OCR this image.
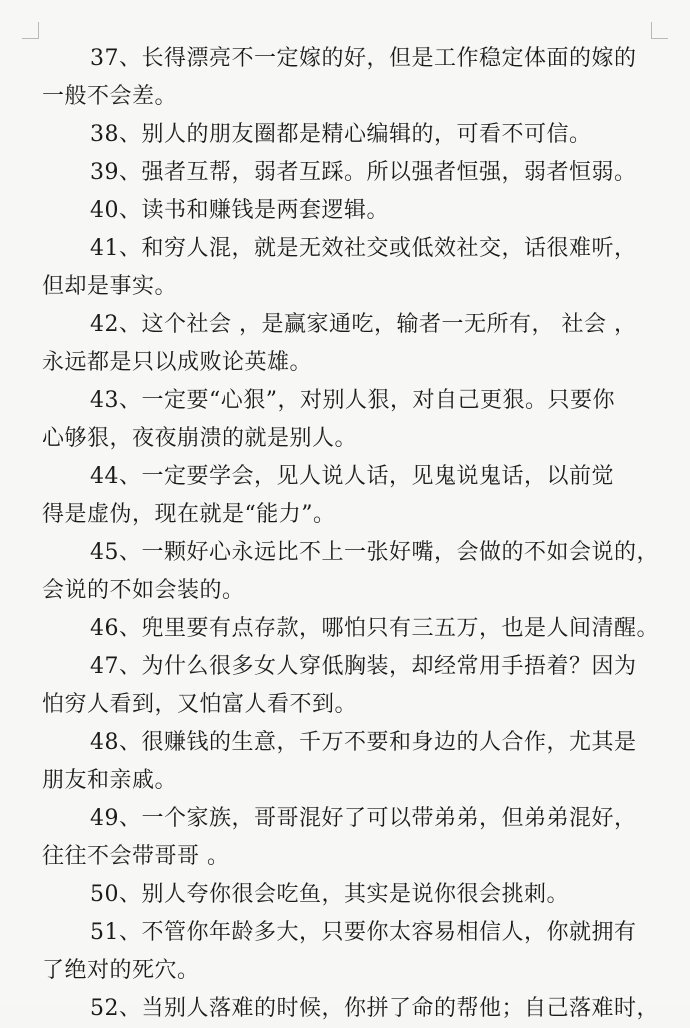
37、长得漂亮不一定嫁的好，但是工作稳定体面的嫁的
一般不会差。
38、别人的朋友圈都是精心编辑的，可看不可信。
39、强者互帮，弱者互踩。所以强者恒强，弱者恒弱。
40、读书和赚钱是两套逻辑。
41、和穷人混，就是无效社交或低效社交，话很难听，
但却是事实。
42、这个社会 ，是赢家通吃，输者一无所有， 社会 ，
永远都是只以成败论英雄。
43、一定要“心狠”，对别人狠，对自己更狠。只要你
心够狠，夜夜崩溃的就是别人。
44、一定要学会，见人说人话，见鬼说鬼话，以前觉
得是虚伪，现在就是“能力”。
45、一颗好心永远比不上一张好嘴，会做的不如会说的，
会说的不如会装的。
46、兜里要有点存款，哪怕只有三五万，也是人间清醒。
47、为什么很多女人穿低胸装，却经常用手捂着？因为
怕穷人看到，又怕富人看不到。
48、很赚钱的生意，千万不要和身边的人合作，尤其是
朋友和亲戚。
49、一个家族，哥哥混好了可以带弟弟，但弟弟混好，
往往不会带哥哥 。
50、别人夸你很会吃鱼，其实是说你很会挑刺。
51、不管你年龄多大，只要你太容易相信人，你就拥有
了绝对的死穴。
52、当别人落难的时候，你拼了命的帮他；自己落难时，
